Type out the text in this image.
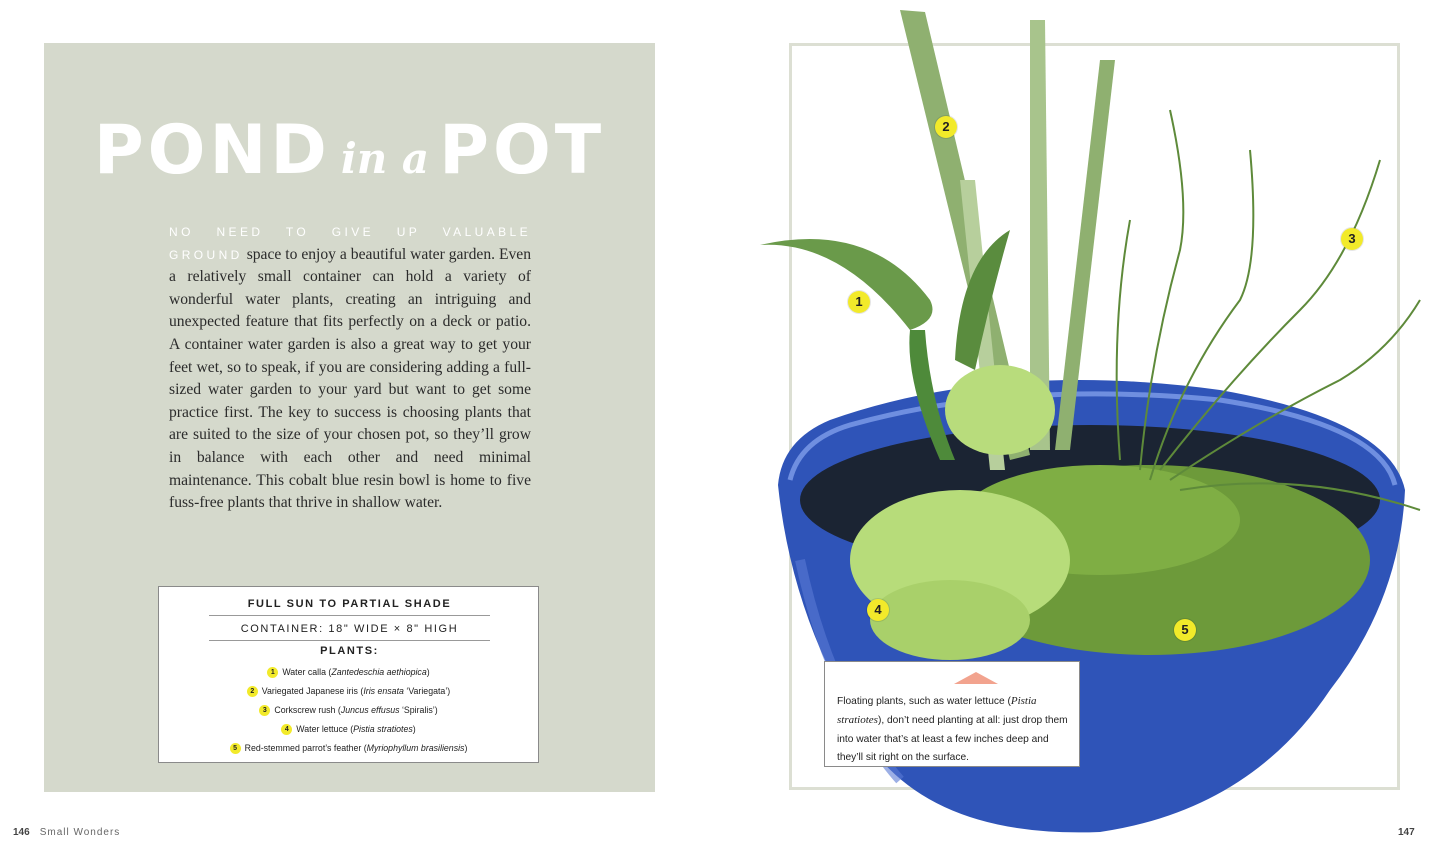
POND in a POT
NO NEED TO GIVE UP VALUABLE GROUND space to enjoy a beautiful water garden. Even a relatively small container can hold a variety of wonderful water plants, creating an intriguing and unexpected feature that fits perfectly on a deck or patio. A container water garden is also a great way to get your feet wet, so to speak, if you are considering adding a full-sized water garden to your yard but want to get some practice first. The key to success is choosing plants that are suited to the size of your chosen pot, so they’ll grow in balance with each other and need minimal maintenance. This cobalt blue resin bowl is home to five fuss-free plants that thrive in shallow water.
FULL SUN TO PARTIAL SHADE
CONTAINER: 18" WIDE × 8" HIGH
PLANTS:
1 Water calla (Zantedeschia aethiopica)
2 Variegated Japanese iris (Iris ensata ‘Variegata’)
3 Corkscrew rush (Juncus effusus ‘Spiralis’)
4 Water lettuce (Pistia stratiotes)
5 Red-stemmed parrot’s feather (Myriophyllum brasiliensis)
146 Small Wonders
1
2
3
4
5
Floating plants, such as water lettuce (Pistia stratiotes), don’t need planting at all: just drop them into water that’s at least a few inches deep and they’ll sit right on the surface.
147
